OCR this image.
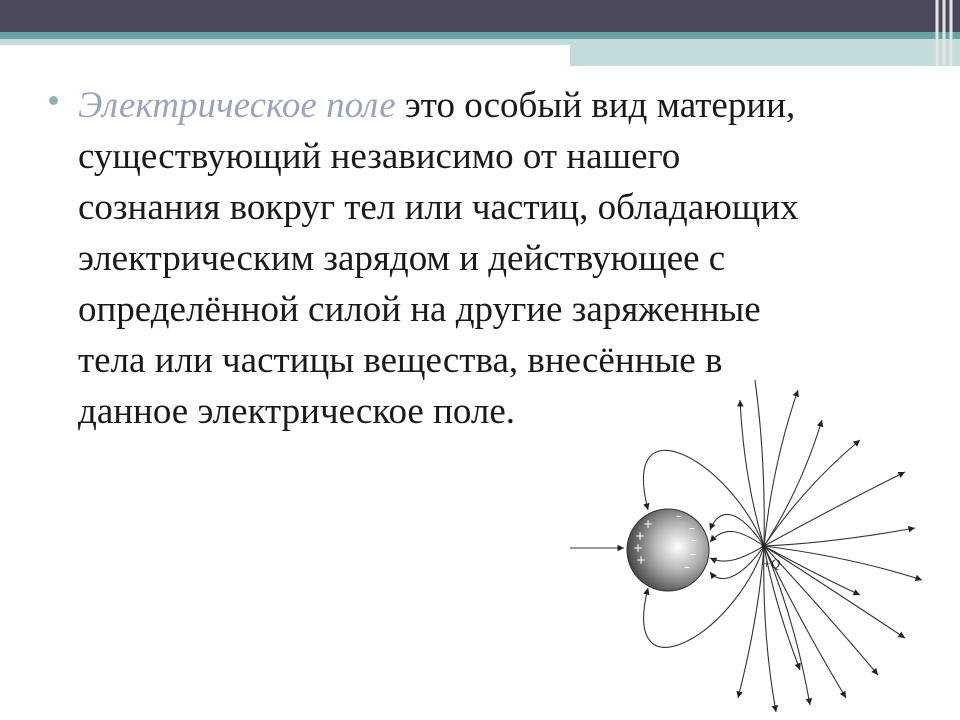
Электрическое поле это особый вид материи,
существующий независимо от нашего
сознания вокруг тел или частиц, обладающих
электрическим зарядом и действующее с
определённой силой на другие заряженные
тела или частицы вещества, внесённые в
данное электрическое поле.

+
+
+
+
–
–
–
–
–	+Q
